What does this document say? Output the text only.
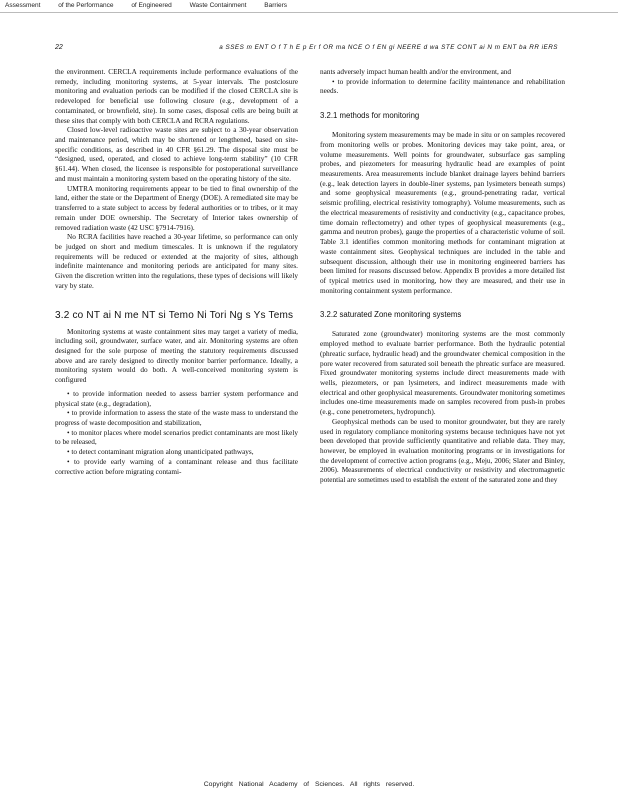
Assessment	of the Performance	of Engineered	Waste Containment	Barriers
22	a SSES m ENT O f T h E p Er f OR ma NCE O f EN gi NEERE d wa STE CONT ai N m ENT ba RR iERS

the environment. CERCLA requirements include performance evaluations of the remedy, including monitoring systems, at 5-year intervals. The postclosure monitoring and evaluation periods can be modified if the closed CERCLA site is redeveloped for beneficial use following closure (e.g., development of a contaminated, or brownfield, site). In some cases, disposal cells are being built at these sites that comply with both CERCLA and RCRA regulations.

Closed low-level radioactive waste sites are subject to a 30-year observation and maintenance period, which may be shortened or lengthened, based on site-specific conditions, as described in 40 CFR §61.29. The disposal site must be “designed, used, operated, and closed to achieve long-term stability” (10 CFR §61.44). When closed, the licensee is responsible for postoperational surveillance and must maintain a monitoring system based on the operating history of the site.

UMTRA monitoring requirements appear to be tied to final ownership of the land, either the state or the Department of Energy (DOE). A remediated site may be transferred to a state subject to access by federal authorities or to tribes, or it may remain under DOE ownership. The Secretary of Interior takes ownership of removed radiation waste (42 USC §7914-7916).

No RCRA facilities have reached a 30-year lifetime, so performance can only be judged on short and medium timescales. It is unknown if the regulatory requirements will be reduced or extended at the majority of sites, although indefinite maintenance and monitoring periods are anticipated for many sites. Given the discretion written into the regulations, these types of decisions will likely vary by state.

3.2 co NT ai N me NT si Temo Ni Tori Ng s Ys Tems

Monitoring systems at waste containment sites may target a variety of media, including soil, groundwater, surface water, and air. Monitoring systems are often designed for the sole purpose of meeting the statutory requirements discussed above and are rarely designed to directly monitor barrier performance. Ideally, a monitoring system would do both. A well-conceived monitoring system is configured

• to provide information needed to assess barrier system performance and physical state (e.g., degradation),

• to provide information to assess the state of the waste mass to understand the progress of waste decomposition and stabilization,

• to monitor places where model scenarios predict contaminants are most likely to be released,

• to detect contaminant migration along unanticipated pathways,

• to provide early warning of a contaminant release and thus facilitate corrective action before migrating contami-

nants adversely impact human health and/or the environment, and

• to provide information to determine facility maintenance and rehabilitation needs.

3.2.1 methods for monitoring

Monitoring system measurements may be made in situ or on samples recovered from monitoring wells or probes. Monitoring devices may take point, area, or volume measurements. Well points for groundwater, subsurface gas sampling probes, and piezometers for measuring hydraulic head are examples of point measurements. Area measurements include blanket drainage layers behind barriers (e.g., leak detection layers in double-liner systems, pan lysimeters beneath sumps) and some geophysical measurements (e.g., ground-penetrating radar, vertical seismic profiling, electrical resistivity tomography). Volume measurements, such as the electrical measurements of resistivity and conductivity (e.g., capacitance probes, time domain reflectometry) and other types of geophysical measurements (e.g., gamma and neutron probes), gauge the properties of a characteristic volume of soil. Table 3.1 identifies common monitoring methods for contaminant migration at waste containment sites. Geophysical techniques are included in the table and subsequent discussion, although their use in monitoring engineered barriers has been limited for reasons discussed below. Appendix B provides a more detailed list of typical metrics used in monitoring, how they are measured, and their use in monitoring containment system performance.

3.2.2 saturated Zone monitoring systems

Saturated zone (groundwater) monitoring systems are the most commonly employed method to evaluate barrier performance. Both the hydraulic potential (phreatic surface, hydraulic head) and the groundwater chemical composition in the pore water recovered from saturated soil beneath the phreatic surface are measured. Fixed groundwater monitoring systems include direct measurements made with wells, piezometers, or pan lysimeters, and indirect measurements made with electrical and other geophysical measurements. Groundwater monitoring sometimes includes one-time measurements made on samples recovered from push-in probes (e.g., cone penetrometers, hydropunch).

Geophysical methods can be used to monitor groundwater, but they are rarely used in regulatory compliance monitoring systems because techniques have not yet been developed that provide sufficiently quantitative and reliable data. They may, however, be employed in evaluation monitoring programs or in investigations for the development of corrective action programs (e.g., Meju, 2006; Slater and Binley, 2006). Measurements of electrical conductivity or resistivity and electromagnetic potential are sometimes used to establish the extent of the saturated zone and they

Copyright National Academy of Sciences. All rights reserved.
